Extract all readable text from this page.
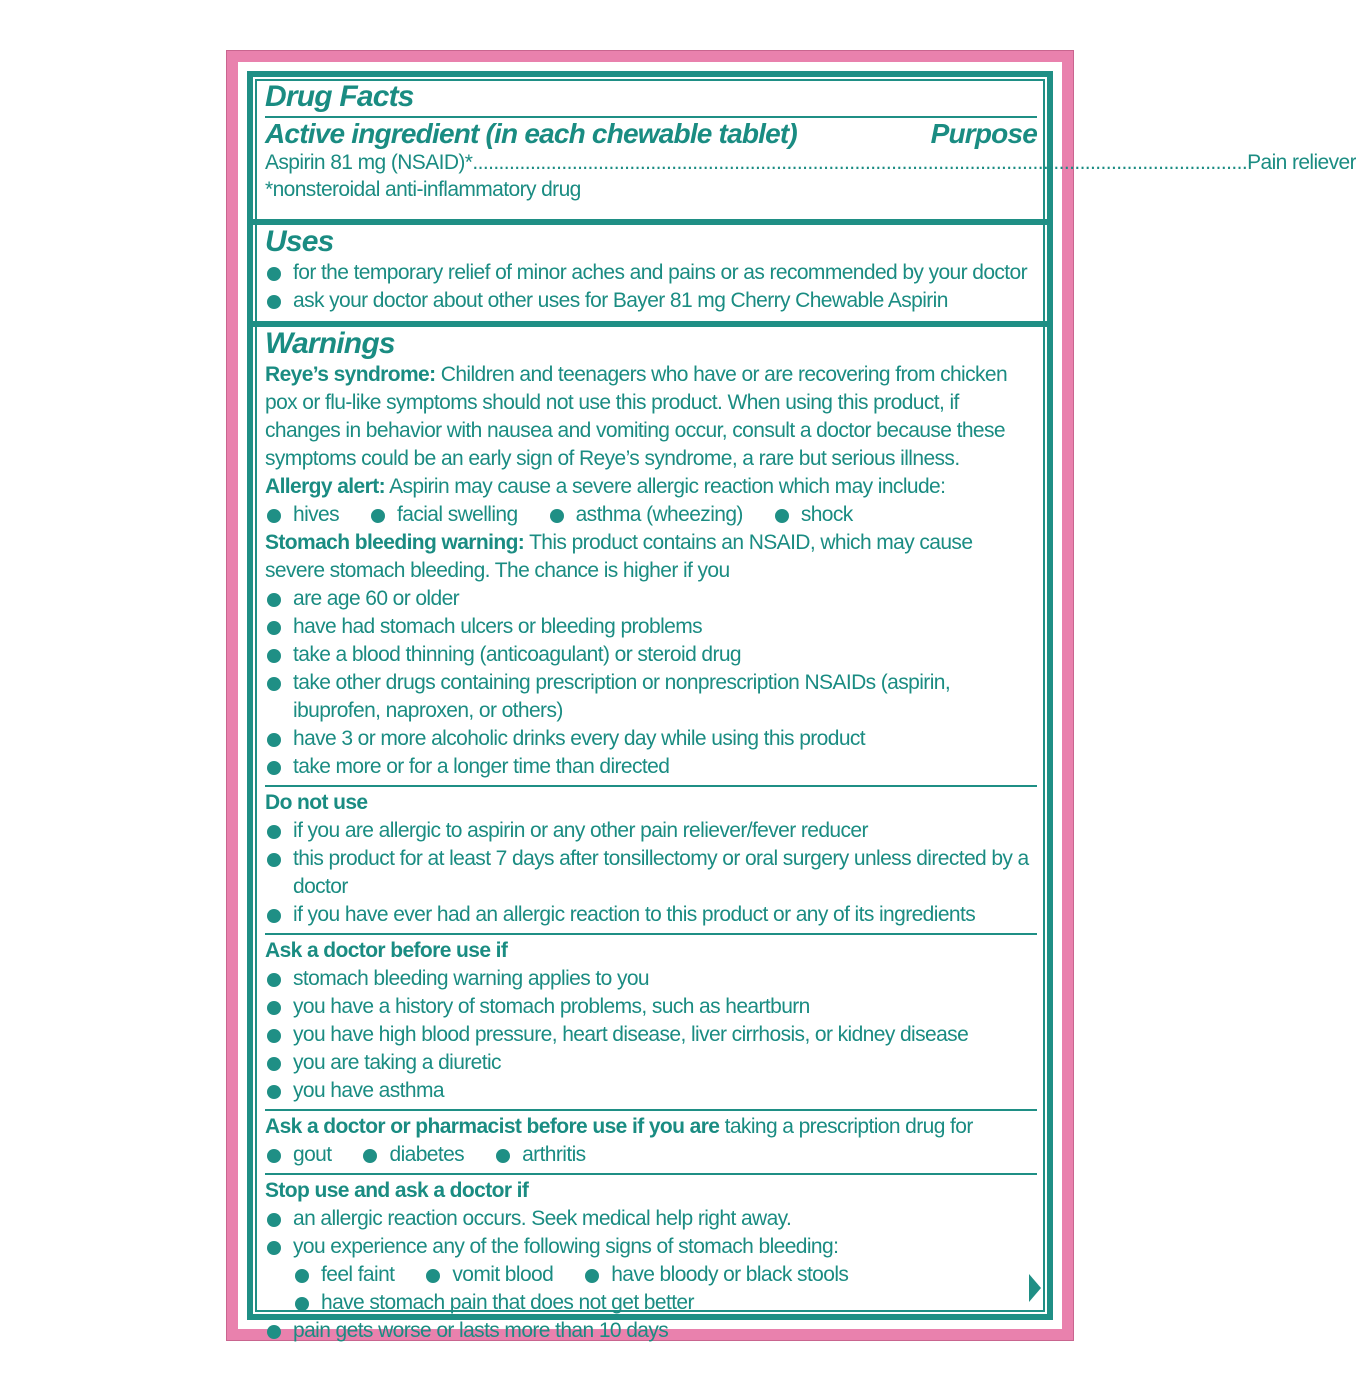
Drug Facts
Active ingredient (in each chewable tablet)	Purpose
Aspirin 81 mg (NSAID)* .................................................................................................................................................... Pain reliever
*nonsteroidal anti-inflammatory drug
Uses
for the temporary relief of minor aches and pains or as recommended by your doctor
ask your doctor about other uses for Bayer 81 mg Cherry Chewable Aspirin
Warnings
Reye’s syndrome: Children and teenagers who have or are recovering from chicken pox or flu-like symptoms should not use this product. When using this product, if changes in behavior with nausea and vomiting occur, consult a doctor because these symptoms could be an early sign of Reye’s syndrome, a rare but serious illness.
Allergy alert: Aspirin may cause a severe allergic reaction which may include:
hives	facial swelling	asthma (wheezing)	shock
Stomach bleeding warning: This product contains an NSAID, which may cause
severe stomach bleeding. The chance is higher if you
are age 60 or older
have had stomach ulcers or bleeding problems
take a blood thinning (anticoagulant) or steroid drug
take other drugs containing prescription or nonprescription NSAIDs (aspirin, ibuprofen, naproxen, or others)
have 3 or more alcoholic drinks every day while using this product
take more or for a longer time than directed
Do not use
if you are allergic to aspirin or any other pain reliever/fever reducer
this product for at least 7 days after tonsillectomy or oral surgery unless directed by a doctor
if you have ever had an allergic reaction to this product or any of its ingredients
Ask a doctor before use if
stomach bleeding warning applies to you
you have a history of stomach problems, such as heartburn
you have high blood pressure, heart disease, liver cirrhosis, or kidney disease
you are taking a diuretic
you have asthma
Ask a doctor or pharmacist before use if you are taking a prescription drug for
gout	diabetes	arthritis
Stop use and ask a doctor if
an allergic reaction occurs. Seek medical help right away.
you experience any of the following signs of stomach bleeding:
feel faint	vomit blood	have bloody or black stools
have stomach pain that does not get better
pain gets worse or lasts more than 10 days
